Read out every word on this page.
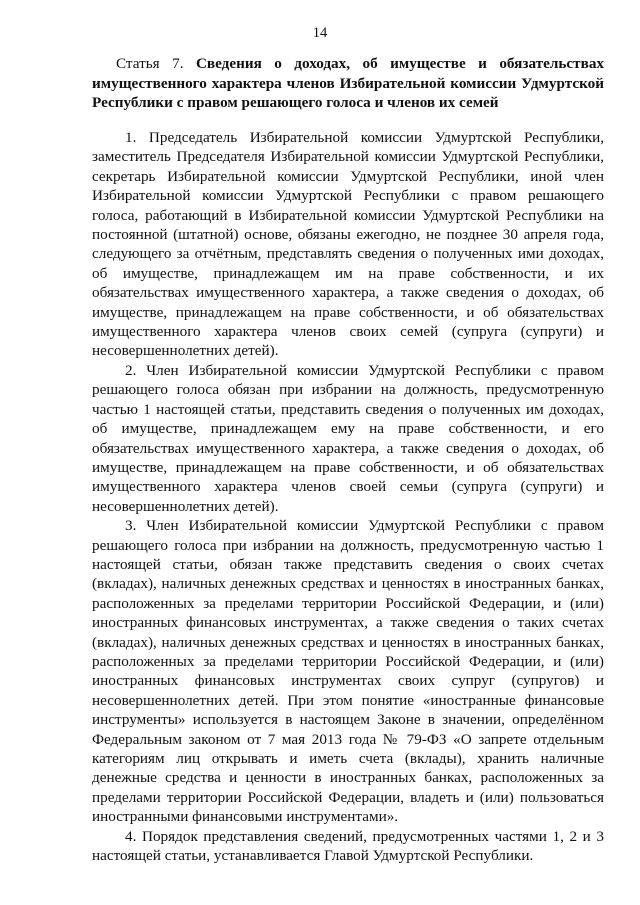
14

Статья 7. Сведения о доходах, об имуществе и обязательствах имущественного характера членов Избирательной комиссии Удмуртской Республики с правом решающего голоса и членов их семей

1. Председатель Избирательной комиссии Удмуртской Республики, заместитель Председателя Избирательной комиссии Удмуртской Республики, секретарь Избирательной комиссии Удмуртской Республики, иной член Избирательной комиссии Удмуртской Республики с правом решающего голоса, работающий в Избирательной комиссии Удмуртской Республики на постоянной (штатной) основе, обязаны ежегодно, не позднее 30 апреля года, следующего за отчётным, представлять сведения о полученных ими доходах, об имуществе, принадлежащем им на праве собственности, и их обязательствах имущественного характера, а также сведения о доходах, об имуществе, принадлежащем на праве собственности, и об обязательствах имущественного характера членов своих семей (супруга (супруги) и несовершеннолетних детей).

2. Член Избирательной комиссии Удмуртской Республики с правом решающего голоса обязан при избрании на должность, предусмотренную частью 1 настоящей статьи, представить сведения о полученных им доходах, об имуществе, принадлежащем ему на праве собственности, и его обязательствах имущественного характера, а также сведения о доходах, об имуществе, принадлежащем на праве собственности, и об обязательствах имущественного характера членов своей семьи (супруга (супруги) и несовершеннолетних детей).

3. Член Избирательной комиссии Удмуртской Республики с правом решающего голоса при избрании на должность, предусмотренную частью 1 настоящей статьи, обязан также представить сведения о своих счетах (вкладах), наличных денежных средствах и ценностях в иностранных банках, расположенных за пределами территории Российской Федерации, и (или) иностранных финансовых инструментах, а также сведения о таких счетах (вкладах), наличных денежных средствах и ценностях в иностранных банках, расположенных за пределами территории Российской Федерации, и (или) иностранных финансовых инструментах своих супруг (супругов) и несовершеннолетних детей. При этом понятие «иностранные финансовые инструменты» используется в настоящем Законе в значении, определённом Федеральным законом от 7 мая 2013 года № 79-ФЗ «О запрете отдельным категориям лиц открывать и иметь счета (вклады), хранить наличные денежные средства и ценности в иностранных банках, расположенных за пределами территории Российской Федерации, владеть и (или) пользоваться иностранными финансовыми инструментами».

4. Порядок представления сведений, предусмотренных частями 1, 2 и 3 настоящей статьи, устанавливается Главой Удмуртской Республики.
